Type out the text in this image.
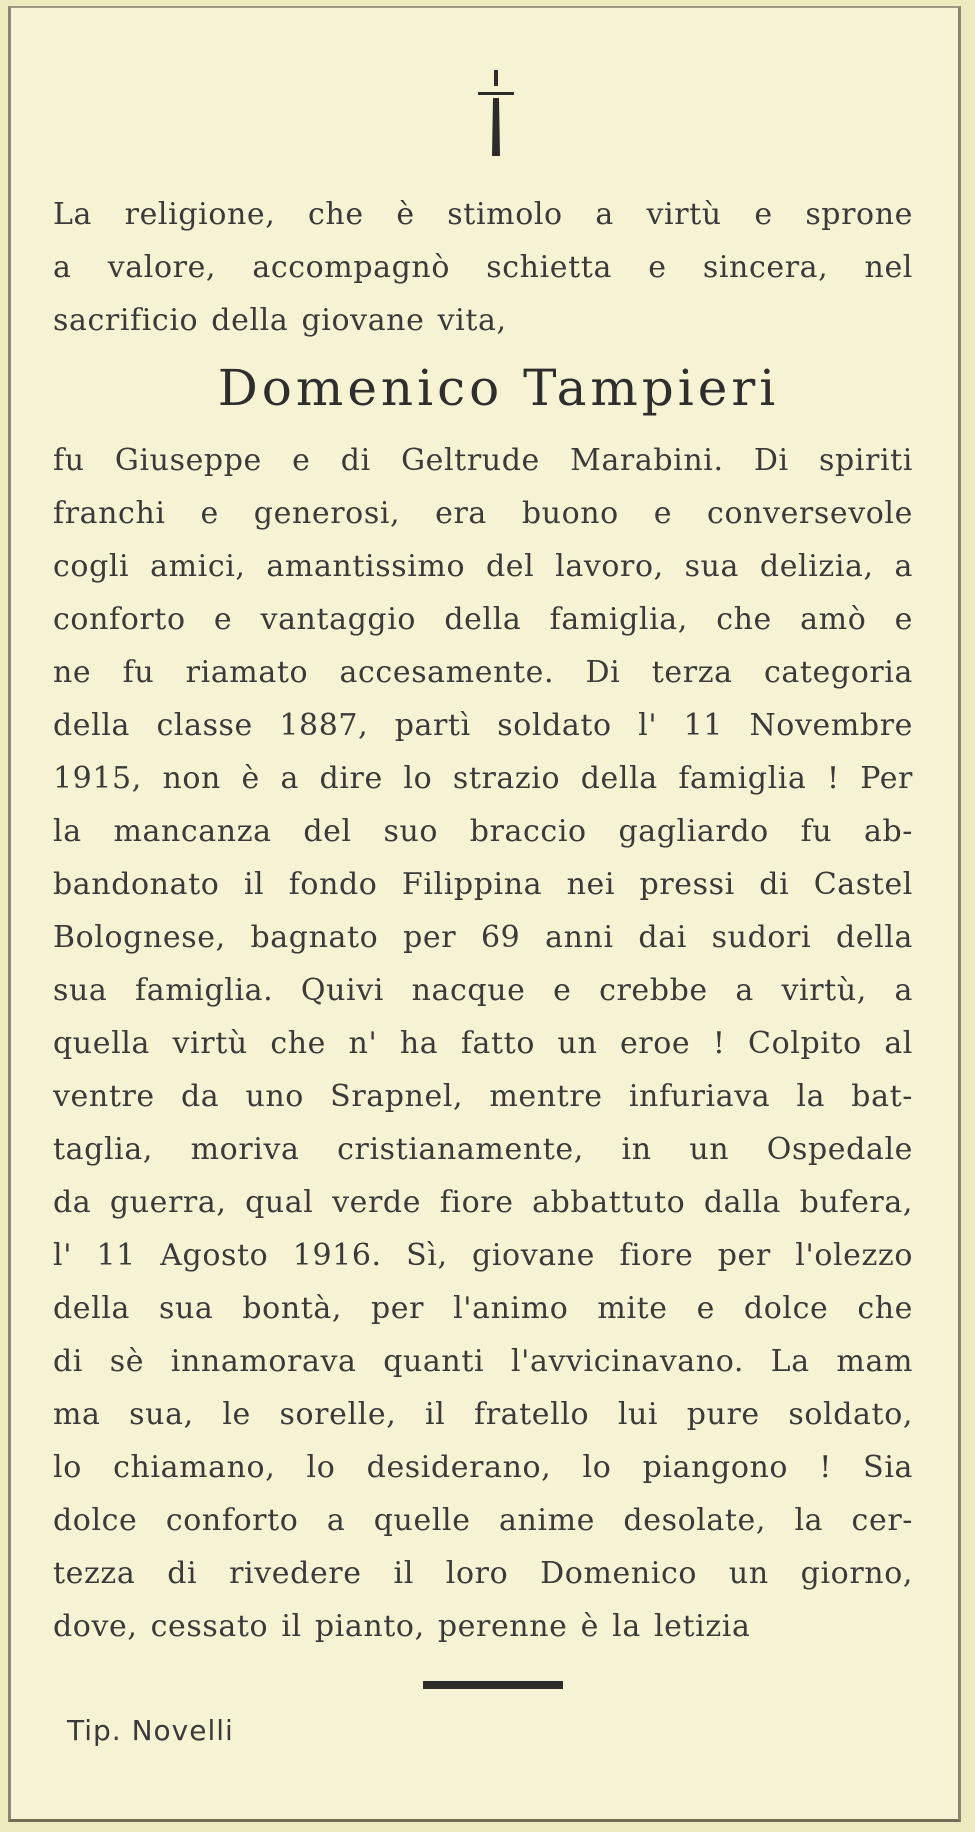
La religione, che è stimolo a virtù e sprone
a valore, accompagnò schietta e sincera, nel
sacrificio della giovane vita,
Domenico Tampieri
fu Giuseppe e di Geltrude Marabini. Di spiriti
franchi e generosi, era buono e conversevole
cogli amici, amantissimo del lavoro, sua delizia, a
conforto e vantaggio della famiglia, che amò e
ne fu riamato accesamente. Di terza categoria
della classe 1887, partì soldato l' 11 Novembre
1915, non è a dire lo strazio della famiglia ! Per
la mancanza del suo braccio gagliardo fu ab-
bandonato il fondo Filippina nei pressi di Castel
Bolognese, bagnato per 69 anni dai sudori della
sua famiglia. Quivi nacque e crebbe a virtù, a
quella virtù che n' ha fatto un eroe ! Colpito al
ventre da uno Srapnel, mentre infuriava la bat-
taglia, moriva cristianamente, in un Ospedale
da guerra, qual verde fiore abbattuto dalla bufera,
l' 11 Agosto 1916. Sì, giovane fiore per l'olezzo
della sua bontà, per l'animo mite e dolce che
di sè innamorava quanti l'avvicinavano. La mam
ma sua, le sorelle, il fratello lui pure soldato,
lo chiamano, lo desiderano, lo piangono ! Sia
dolce conforto a quelle anime desolate, la cer-
tezza di rivedere il loro Domenico un giorno,
dove, cessato il pianto, perenne è la letizia
Tip. Novelli
